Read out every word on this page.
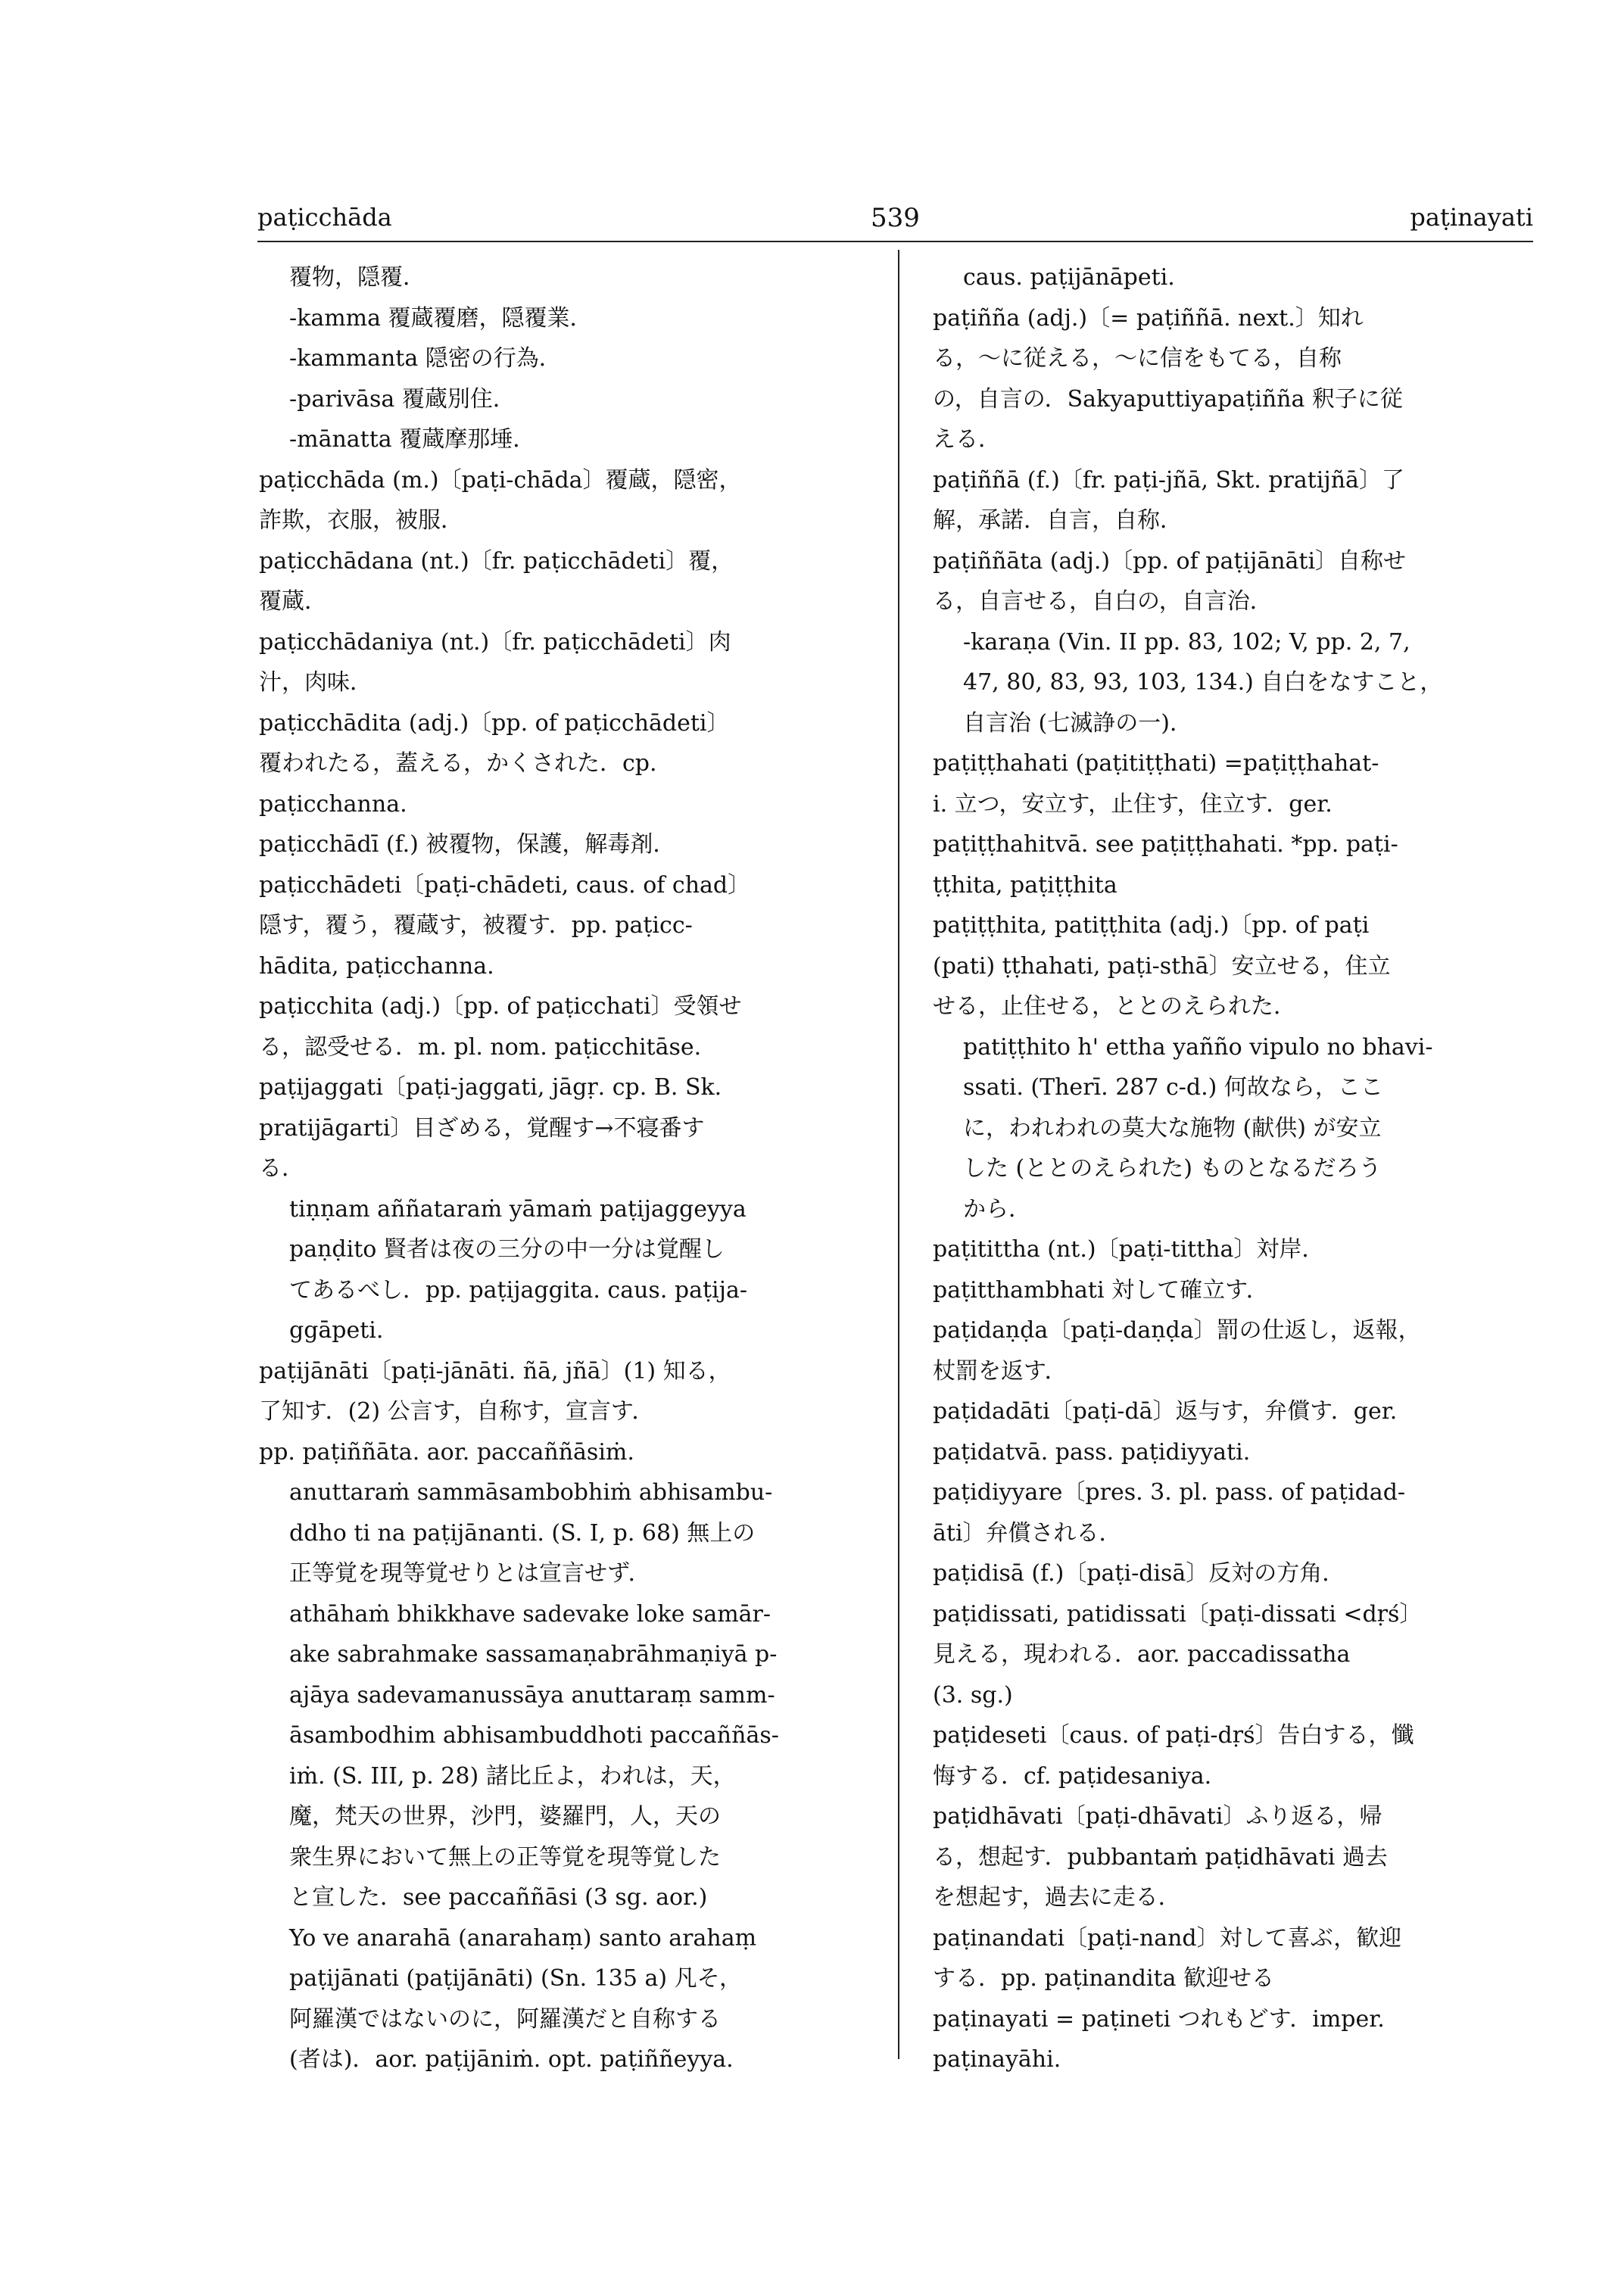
paṭicchāda	539	paṭinayati
覆物，隠覆．
-kamma 覆蔵覆磨，隠覆業．
-kammanta 隠密の行為．
-parivāsa 覆蔵別住．
-mānatta 覆蔵摩那埵．
paṭicchāda (m.)〔paṭi-chāda〕覆蔵，隠密，
詐欺，衣服，被服．
paṭicchādana (nt.)〔fr. paṭicchādeti〕覆，
覆蔵．
paṭicchādaniya (nt.)〔fr. paṭicchādeti〕肉
汁，肉味．
paṭicchādita (adj.)〔pp. of paṭicchādeti〕
覆われたる，蓋える，かくされた．cp.
paṭicchanna.
paṭicchādī (f.) 被覆物，保護，解毒剤．
paṭicchādeti〔paṭi-chādeti, caus. of chad〕
隠す，覆う，覆蔵す，被覆す．pp. paṭicc-
hādita, paṭicchanna.
paṭicchita (adj.)〔pp. of paṭicchati〕受領せ
る，認受せる．m. pl. nom. paṭicchitāse.
paṭijaggati〔paṭi-jaggati, jāgṛ. cp. B. Sk.
pratijāgarti〕目ざめる，覚醒す→不寝番す
る．
tiṇṇam aññataraṁ yāmaṁ paṭijaggeyya
paṇḍito 賢者は夜の三分の中一分は覚醒し
てあるべし．pp. paṭijaggita. caus. paṭija-
ggāpeti.
paṭijānāti〔paṭi-jānāti. ñā, jñā〕(1) 知る，
了知す．(2) 公言す，自称す，宣言す．
pp. paṭiññāta. aor. paccaññāsiṁ.
anuttaraṁ sammāsambobhiṁ abhisambu-
ddho ti na paṭijānanti. (S. I, p. 68) 無上の
正等覚を現等覚せりとは宣言せず．
athāhaṁ bhikkhave sadevake loke samār-
ake sabrahmake sassamaṇabrāhmaṇiyā p-
ajāya sadevamanussāya anuttaraṃ samm-
āsambodhim abhisambuddhoti paccaññās-
iṁ. (S. III, p. 28) 諸比丘よ，われは，天，
魔，梵天の世界，沙門，婆羅門，人，天の
衆生界において無上の正等覚を現等覚した
と宣した．see paccaññāsi (3 sg. aor.)
Yo ve anarahā (anarahaṃ) santo arahaṃ
paṭijānati (paṭijānāti) (Sn. 135 a) 凡そ，
阿羅漢ではないのに，阿羅漢だと自称する
(者は)．aor. paṭijāniṁ. opt. paṭiññeyya.
caus. paṭijānāpeti.
paṭiñña (adj.)〔= paṭiññā. next.〕知れ
る，〜に従える，〜に信をもてる，自称
の，自言の．Sakyaputtiyapaṭiñña 釈子に従
える．
paṭiññā (f.)〔fr. paṭi-jñā, Skt. pratijñā〕了
解，承諾．自言，自称．
paṭiññāta (adj.)〔pp. of paṭijānāti〕自称せ
る，自言せる，自白の，自言治．
-karaṇa (Vin. II pp. 83, 102; V, pp. 2, 7,
47, 80, 83, 93, 103, 134.) 自白をなすこと，
自言治 (七滅諍の一)．
paṭiṭṭhahati (paṭitiṭṭhati) =paṭiṭṭhahat-
i. 立つ，安立す，止住す，住立す．ger.
paṭiṭṭhahitvā. see paṭiṭṭhahati. *pp. paṭi-
ṭṭhita, paṭiṭṭhita
paṭiṭṭhita, patiṭṭhita (adj.)〔pp. of paṭi
(pati) ṭṭhahati, paṭi-sthā〕安立せる，住立
せる，止住せる，ととのえられた．
patiṭṭhito h' ettha yañño vipulo no bhavi-
ssati. (Therī. 287 c-d.) 何故なら，ここ
に，われわれの莫大な施物 (献供) が安立
した (ととのえられた) ものとなるだろう
から．
paṭitittha (nt.)〔paṭi-tittha〕対岸．
paṭitthambhati 対して確立す．
paṭidaṇḍa〔paṭi-daṇḍa〕罰の仕返し，返報，
杖罰を返す．
paṭidadāti〔paṭi-dā〕返与す，弁償す．ger.
paṭidatvā. pass. paṭidiyyati.
paṭidiyyare〔pres. 3. pl. pass. of paṭidad-
āti〕弁償される．
paṭidisā (f.)〔paṭi-disā〕反対の方角．
paṭidissati, patidissati〔paṭi-dissati <dṛś〕
見える，現われる．aor. paccadissatha
(3. sg.)
paṭideseti〔caus. of paṭi-dṛś〕告白する，懺
悔する．cf. paṭidesaniya.
paṭidhāvati〔paṭi-dhāvati〕ふり返る，帰
る，想起す．pubbantaṁ paṭidhāvati 過去
を想起す，過去に走る．
paṭinandati〔paṭi-nand〕対して喜ぶ，歓迎
する．pp. paṭinandita 歓迎せる
paṭinayati = paṭineti つれもどす．imper.
paṭinayāhi.
